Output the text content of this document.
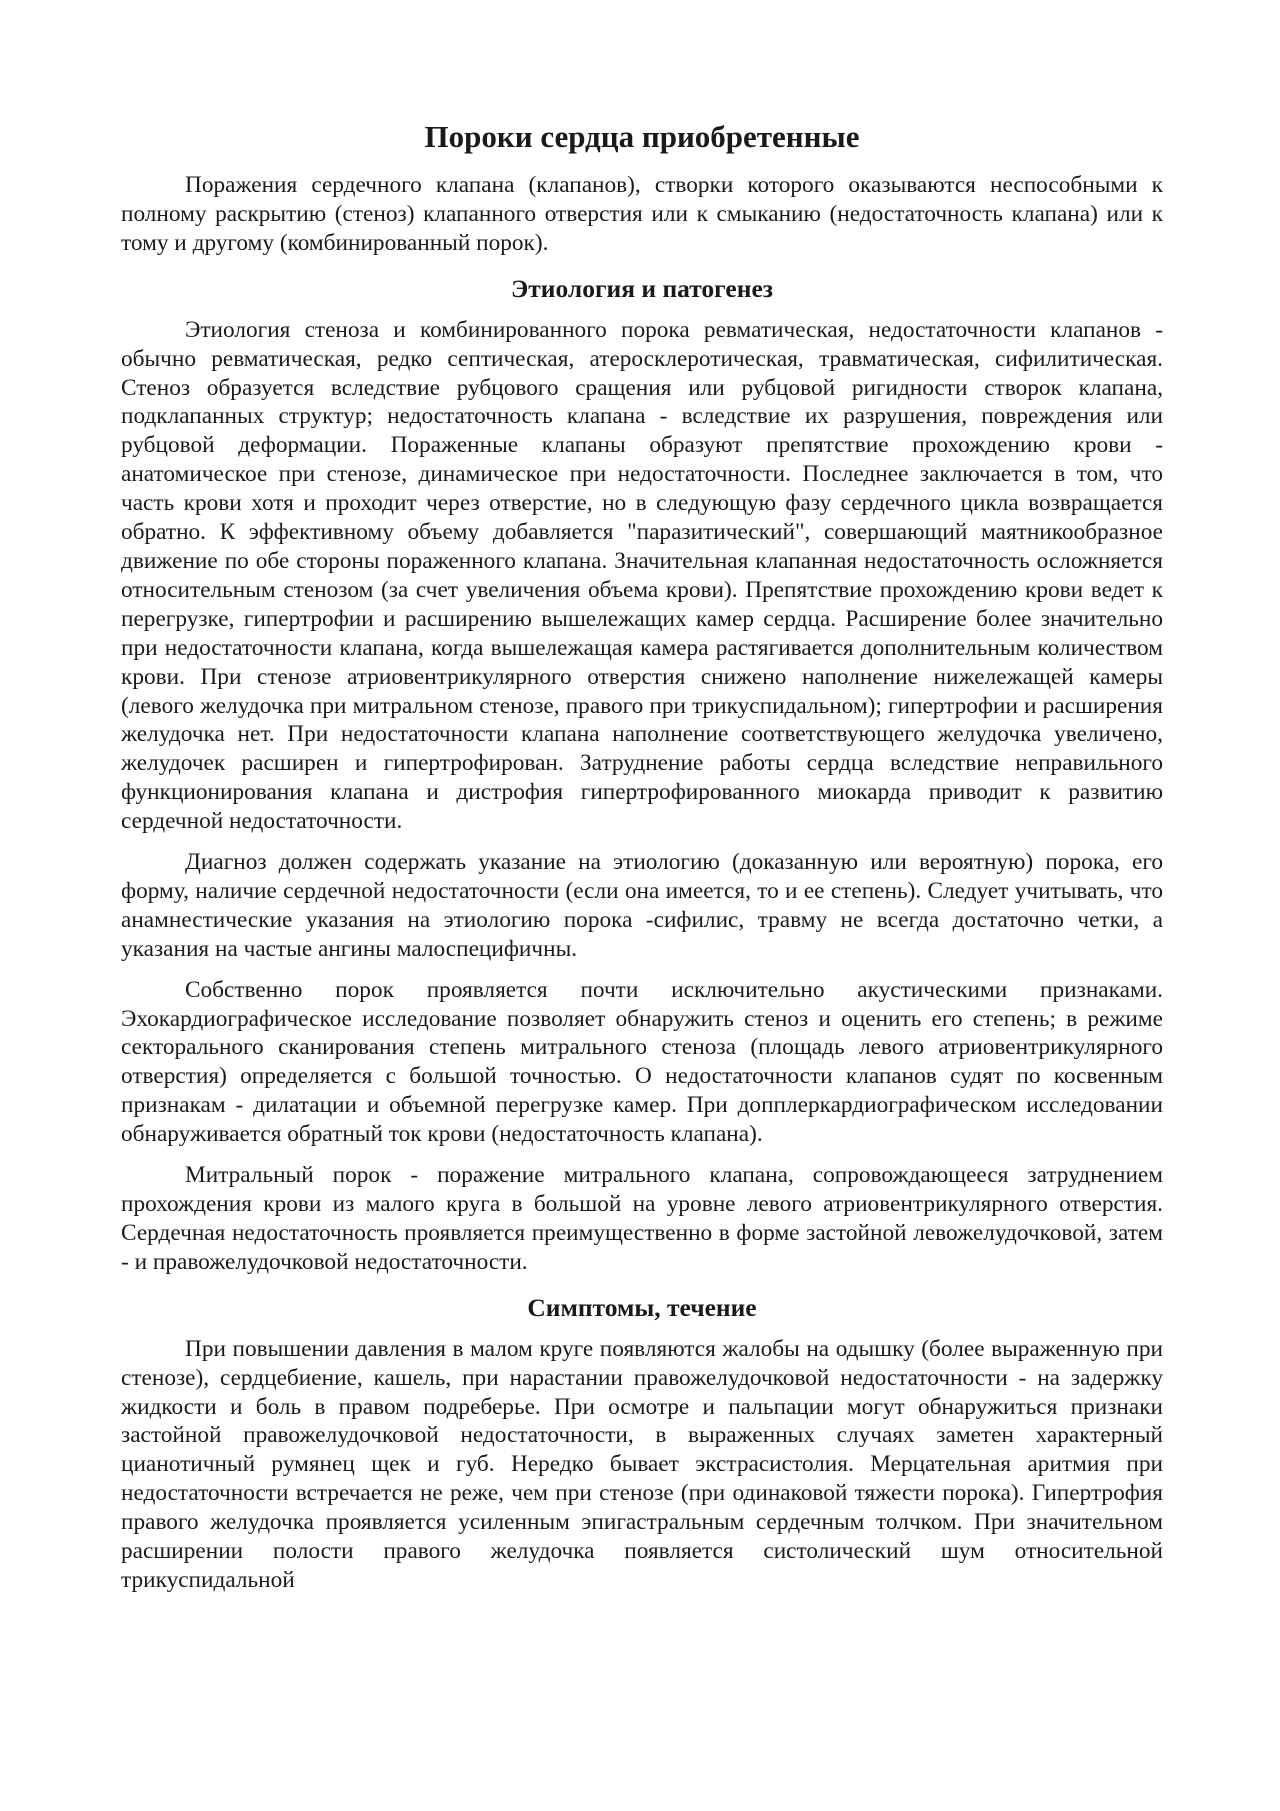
Пороки сердца приобретенные

Поражения сердечного клапана (клапанов), створки которого оказываются неспособными к полному раскрытию (стеноз) клапанного отверстия или к смыканию (недостаточность клапана) или к тому и другому (комбинированный порок).

Этиология и патогенез

Этиология стеноза и комбинированного порока ревматическая, недостаточности клапанов - обычно ревматическая, редко септическая, атеросклеротическая, травматическая, сифилитическая. Стеноз образуется вследствие рубцового сращения или рубцовой ригидности створок клапана, подклапанных структур; недостаточность клапана - вследствие их разрушения, повреждения или рубцовой деформации. Пораженные клапаны образуют препятствие прохождению крови - анатомическое при стенозе, динамическое при недостаточности. Последнее заключается в том, что часть крови хотя и проходит через отверстие, но в следующую фазу сердечного цикла возвращается обратно. К эффективному объему добавляется "паразитический", совершающий маятникообразное движение по обе стороны пораженного клапана. Значительная клапанная недостаточность осложняется относительным стенозом (за счет увеличения объема крови). Препятствие прохождению крови ведет к перегрузке, гипертрофии и расширению вышележащих камер сердца. Расширение более значительно при недостаточности клапана, когда вышележащая камера растягивается дополнительным количеством крови. При стенозе атриовентрикулярного отверстия снижено наполнение нижележащей камеры (левого желудочка при митральном стенозе, правого при трикуспидальном); гипертрофии и расширения желудочка нет. При недостаточности клапана наполнение соответствующего желудочка увеличено, желудочек расширен и гипертрофирован. Затруднение работы сердца вследствие неправильного функционирования клапана и дистрофия гипертрофированного миокарда приводит к развитию сердечной недостаточности.

Диагноз должен содержать указание на этиологию (доказанную или вероятную) порока, его форму, наличие сердечной недостаточности (если она имеется, то и ее степень). Следует учитывать, что анамнестические указания на этиологию порока -сифилис, травму не всегда достаточно четки, а указания на частые ангины малоспецифичны.

Собственно порок проявляется почти исключительно акустическими признаками. Эхокардиографическое исследование позволяет обнаружить стеноз и оценить его степень; в режиме секторального сканирования степень митрального стеноза (площадь левого атриовентрикулярного отверстия) определяется с большой точностью. О недостаточности клапанов судят по косвенным признакам - дилатации и объемной перегрузке камер. При допплеркардиографическом исследовании обнаруживается обратный ток крови (недостаточность клапана).

Митральный порок - поражение митрального клапана, сопровождающееся затруднением прохождения крови из малого круга в большой на уровне левого атриовентрикулярного отверстия. Сердечная недостаточность проявляется преимущественно в форме застойной левожелудочковой, затем - и правожелудочковой недостаточности.

Симптомы, течение

При повышении давления в малом круге появляются жалобы на одышку (более выраженную при стенозе), сердцебиение, кашель, при нарастании правожелудочковой недостаточности - на задержку жидкости и боль в правом подреберье. При осмотре и пальпации могут обнаружиться признаки застойной правожелудочковой недостаточности, в выраженных случаях заметен характерный цианотичный румянец щек и губ. Нередко бывает экстрасистолия. Мерцательная аритмия при недостаточности встречается не реже, чем при стенозе (при одинаковой тяжести порока). Гипертрофия правого желудочка проявляется усиленным эпигастральным сердечным толчком. При значительном расширении полости правого желудочка появляется систолический шум относительной трикуспидальной
